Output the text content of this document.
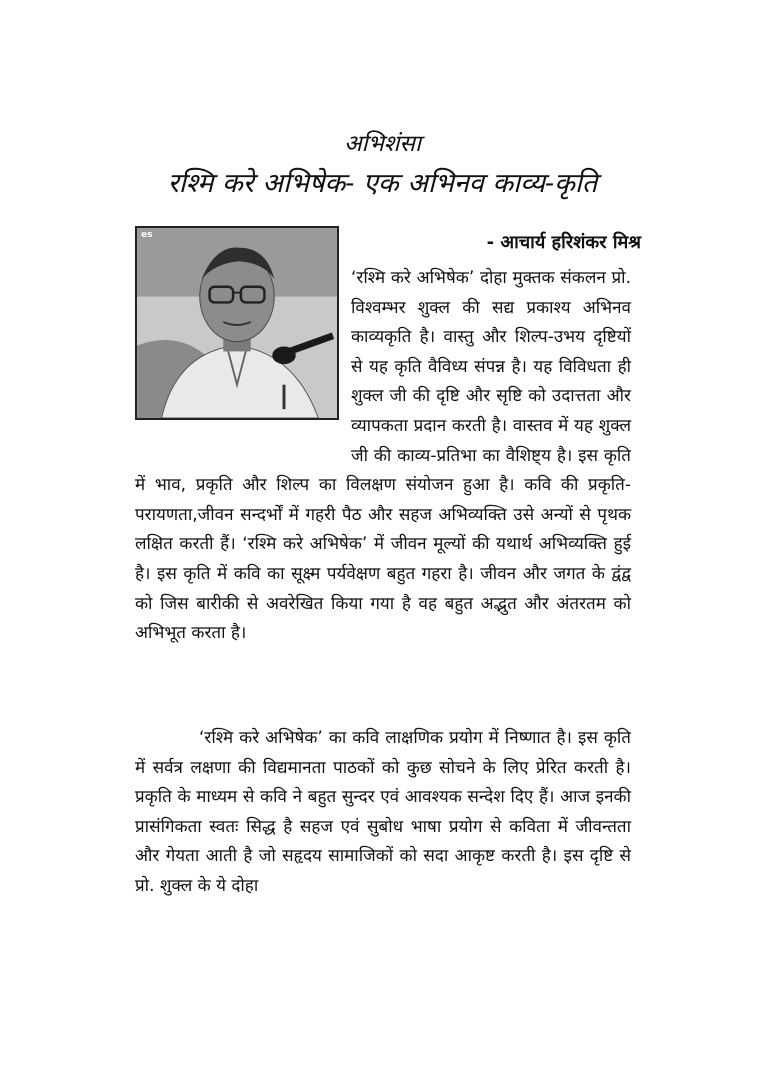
अभिशंसा
रश्मि करे अभिषेक- एक अभिनव काव्य-कृति
es	- आचार्य हरिशंकर मिश्र

‘रश्मि करे अभिषेक’ दोहा मुक्तक संकलन प्रो. विश्वम्भर शुक्ल की सद्य प्रकाश्य अभिनव काव्यकृति है। वास्तु और शिल्प-उभय दृष्टियों से यह कृति वैविध्य संपन्न है। यह विविधता ही शुक्ल जी की दृष्टि और सृष्टि को उदात्तता और व्यापकता प्रदान करती है। वास्तव में यह शुक्ल जी की काव्य-प्रतिभा का वैशिष्ट्य है। इस कृति में भाव, प्रकृति और शिल्प का विलक्षण संयोजन हुआ है। कवि की प्रकृति-परायणता,जीवन सन्दर्भों में गहरी पैठ और सहज अभिव्यक्ति उसे अन्यों से पृथक लक्षित करती हैं। ‘रश्मि करे अभिषेक’ में जीवन मूल्यों की यथार्थ अभिव्यक्ति हुई है। इस कृति में कवि का सूक्ष्म पर्यवेक्षण बहुत गहरा है। जीवन और जगत के द्वंद्व को जिस बारीकी से अवरेखित किया गया है वह बहुत अद्भुत और अंतरतम को अभिभूत करता है।

‘रश्मि करे अभिषेक’ का कवि लाक्षणिक प्रयोग में निष्णात है। इस कृति में सर्वत्र लक्षणा की विद्यमानता पाठकों को कुछ सोचने के लिए प्रेरित करती है। प्रकृति के माध्यम से कवि ने बहुत सुन्दर एवं आवश्यक सन्देश दिए हैं। आज इनकी प्रासंगिकता स्वतः सिद्ध है सहज एवं सुबोध भाषा प्रयोग से कविता में जीवन्तता और गेयता आती है जो सहृदय सामाजिकों को सदा आकृष्ट करती है। इस दृष्टि से प्रो. शुक्ल के ये दोहा
